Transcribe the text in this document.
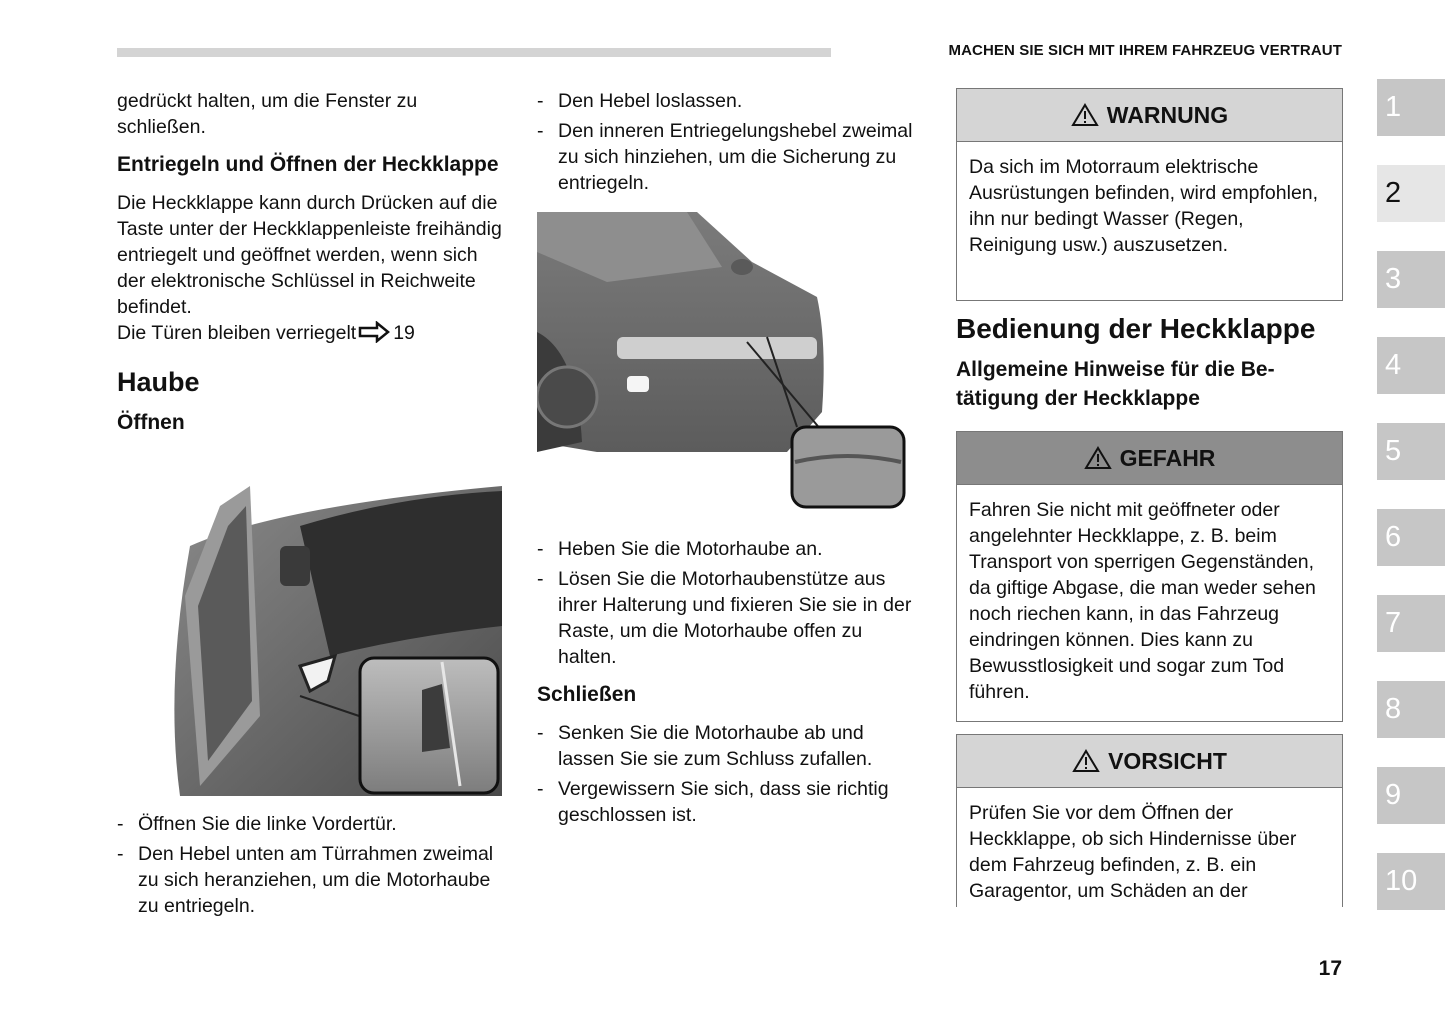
MACHEN SIE SICH MIT IHREM FAHRZEUG VERTRAUT

gedrückt halten, um die Fenster zu schließen.

Entriegeln und Öffnen der Heckklappe

Die Heckklappe kann durch Drücken auf die Taste unter der Heckklappenleiste freihändig entriegelt und geöffnet werden, wenn sich der elektronische Schlüssel in Reichweite befindet.

Die Türen bleiben verriegelt 19

Haube

Öffnen

- Öffnen Sie die linke Vordertür.
- Den Hebel unten am Türrahmen zweimal zu sich heranziehen, um die Motorhaube zu entriegeln.
- Den Hebel loslassen.
- Den inneren Entriegelungshebel zweimal zu sich hinziehen, um die Sicherung zu entriegeln.
- Heben Sie die Motorhaube an.
- Lösen Sie die Motorhaubenstütze aus ihrer Halterung und fixieren Sie sie in der Raste, um die Motorhaube offen zu halten.

Schließen

- Senken Sie die Motorhaube ab und lassen Sie sie zum Schluss zufallen.
- Vergewissern Sie sich, dass sie richtig geschlossen ist.
WARNUNG
Da sich im Motorraum elektrische Ausrüstungen befinden, wird empfohlen, ihn nur bedingt Wasser (Regen, Reinigung usw.) auszusetzen.

Bedienung der Heckklappe

Allgemeine Hinweise für die Betätigung der Heckklappe

GEFAHR
Fahren Sie nicht mit geöffneter oder angelehnter Heckklappe, z. B. beim Transport von sperrigen Gegenständen, da giftige Abgase, die man weder sehen noch riechen kann, in das Fahrzeug eindringen können. Dies kann zu Bewusstlosigkeit und sogar zum Tod führen.
VORSICHT
Prüfen Sie vor dem Öffnen der Heckklappe, ob sich Hindernisse über dem Fahrzeug befinden, z. B. ein Garagentor, um Schäden an der
1
2
3
4
5
6
7
8
9
10
17
